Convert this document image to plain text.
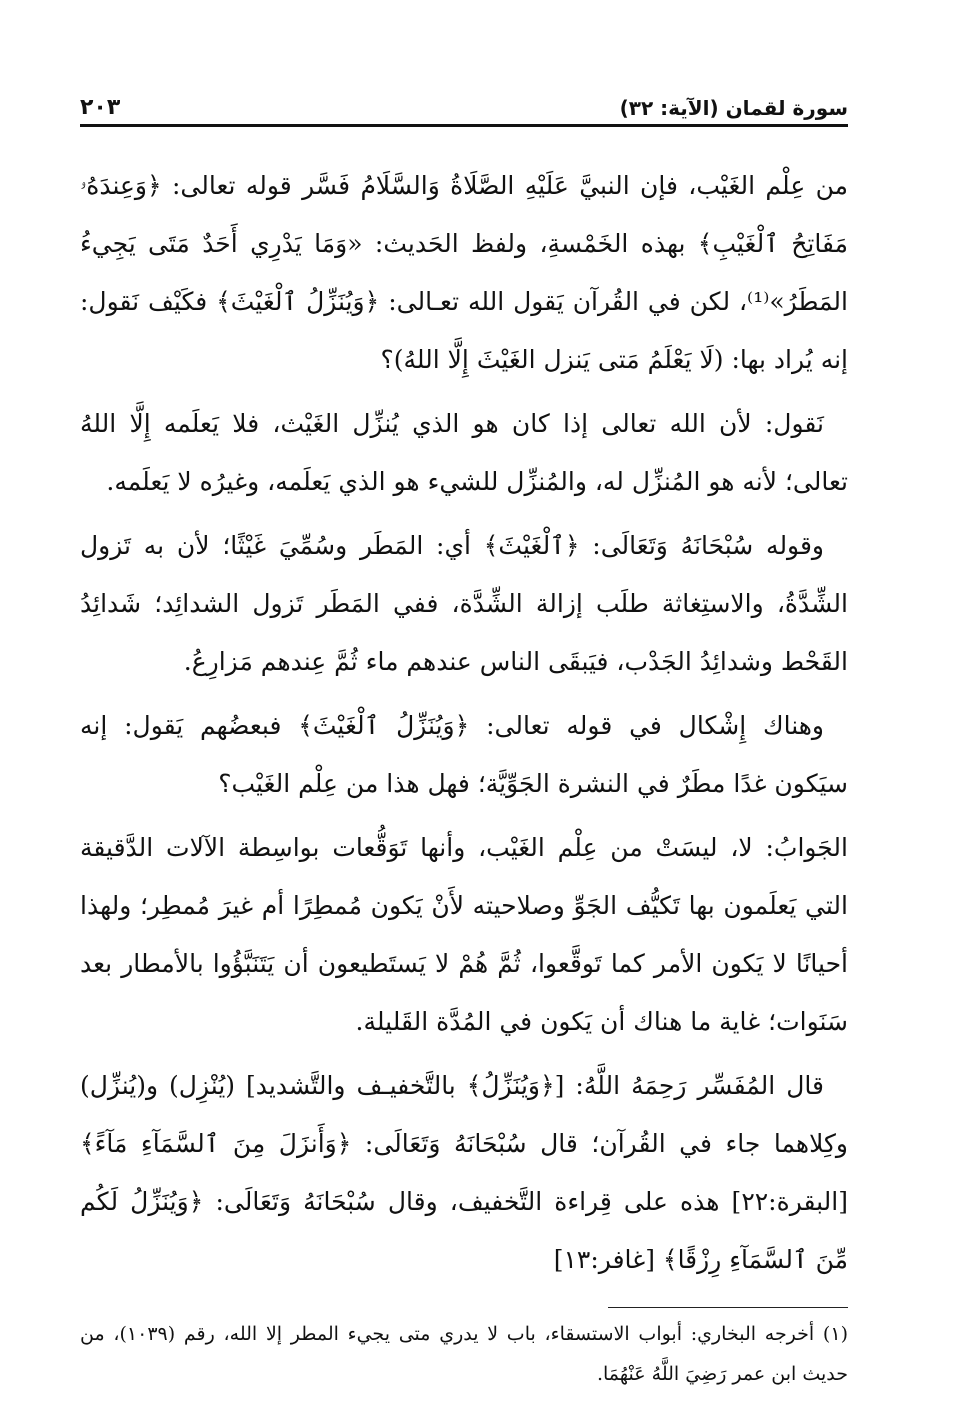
سورة لقمان (الآية: ٣٢)
٢٠٣

من عِلْم الغَيْب، فإن النبيَّ عَلَيْهِ الصَّلَاةُ وَالسَّلَامُ فَسَّر قوله تعالى: ﴿وَعِندَهُۥ مَفَاتِحُ ٱلْغَيْبِ﴾ بهذه الخَمْسةِ، ولفظ الحَديث: «وَمَا يَدْرِي أَحَدٌ مَتَى يَجِيءُ المَطَرُ»⁽¹⁾، لكن في القُرآن يَقول الله تعـالى: ﴿وَيُنَزِّلُ ٱلْغَيْثَ﴾ فكَيْف نَقول: إنه يُراد بها: (لَا يَعْلَمُ مَتى يَنزل الغَيْثَ إِلَّا اللهُ)؟

نَقول: لأن الله تعالى إذا كان هو الذي يُنزِّل الغَيْث، فلا يَعلَمه إِلَّا اللهُ تعالى؛ لأنه هو المُنزِّل له، والمُنزِّل للشيء هو الذي يَعلَمه، وغيرُه لا يَعلَمه.

وقوله سُبْحَانَهُ وَتَعَالَى: ﴿ٱلْغَيْثَ﴾ أي: المَطَر وسُمِّيَ غَيْثًا؛ لأن به تَزول الشِّدَّةُ، والاستِغاثة طلَب إزالة الشِّدَّة، ففي المَطَر تَزول الشدائِد؛ شَدائِدُ القَحْط وشدائِدُ الجَدْب، فيَبقَى الناس عندهم ماء ثُمَّ عِندهم مَزارِعُ.

وهناك إِشْكال في قوله تعالى: ﴿وَيُنَزِّلُ ٱلْغَيْثَ﴾ فبعضُهم يَقول: إنه سيَكون غدًا مطَرٌ في النشرة الجَوِّيَّة؛ فهل هذا من عِلْم الغَيْب؟

الجَوابُ: لا، ليسَتْ من عِلْم الغَيْب، وأنها تَوَقُّعات بواسِطة الآلات الدَّقيقة التي يَعلَمون بها تَكيُّف الجَوِّ وصلاحيته لأَنْ يَكون مُمطِرًا أم غيرَ مُمطِر؛ ولهذا أحيانًا لا يَكون الأمر كما تَوقَّعوا، ثُمَّ هُمْ لا يَستَطيعون أن يَتَنَبَّؤُوا بالأمطار بعد سَنَوات؛ غاية ما هناك أن يَكون في المُدَّة القَليلة.

قال المُفَسِّر رَحِمَهُ اللَّهُ: [﴿وَيُنَزِّلُ﴾ بالتَّخفيـف والتَّشديد] (يُنْزِل) و(يُنزِّل) وكِلاهما جاء في القُرآن؛ قال سُبْحَانَهُ وَتَعَالَى: ﴿وَأَنزَلَ مِنَ ٱلسَّمَآءِ مَآءً﴾ [البقرة:٢٢] هذه على قِراءة التَّخفيف، وقال سُبْحَانَهُ وَتَعَالَى: ﴿وَيُنَزِّلُ لَكُم مِّنَ ٱلسَّمَآءِ رِزْقًا﴾ [غافر:١٣]

(١) أخرجه البخاري: أبواب الاستسقاء، باب لا يدري متى يجيء المطر إلا الله، رقم (١٠٣٩)، من حديث ابن عمر رَضِيَ اللَّهُ عَنْهُمَا.
